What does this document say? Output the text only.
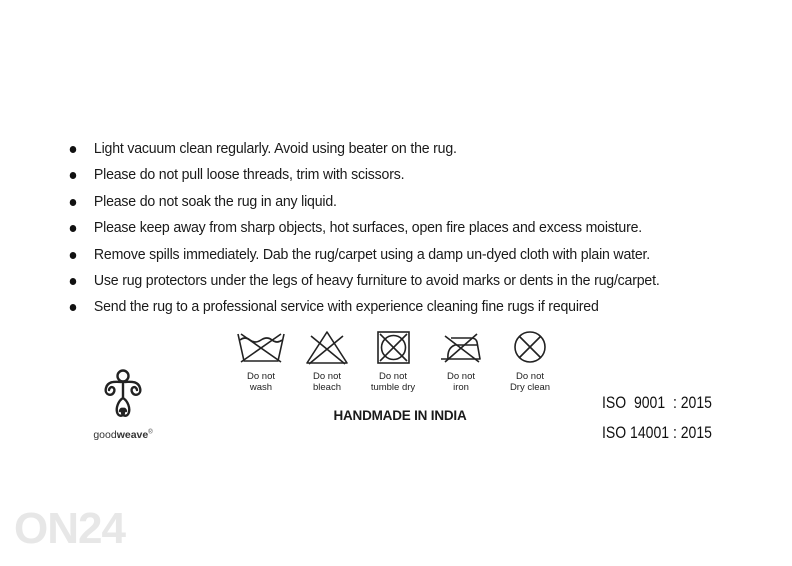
Light vacuum clean regularly. Avoid using beater on the rug.
Please do not pull loose threads, trim with scissors.
Please do not soak the rug in any liquid.
Please keep away from sharp objects, hot surfaces, open fire places and excess moisture.
Remove spills immediately. Dab the rug/carpet using a damp un-dyed cloth with plain water.
Use rug protectors under the legs of heavy furniture to avoid marks or dents in the rug/carpet.
Send the rug to a professional service with experience cleaning fine rugs if required
Do not
wash
Do not
bleach
Do not
tumble dry
Do not
iron
Do not
Dry clean
goodweave®
HANDMADE IN INDIA
ISO  9001  : 2015
ISO 14001 : 2015
ON24
